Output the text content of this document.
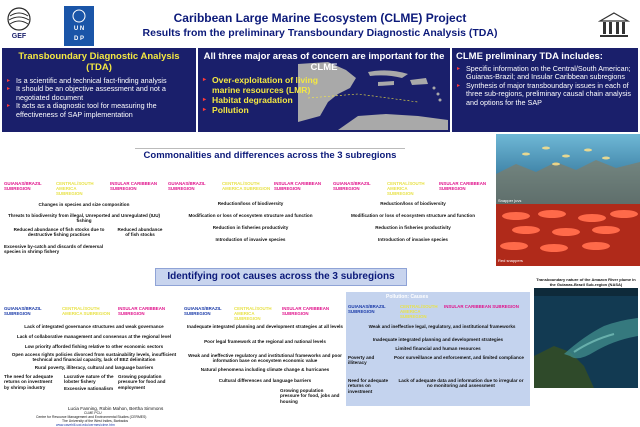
GEF
U N
D P
Caribbean Large Marine Ecosystem (CLME) Project
Results from the preliminary Transboundary Diagnostic Analysis (TDA)
Transboundary Diagnostic Analysis (TDA)
▸ Is a scientific and technical fact-finding analysis
▸ It should be an objective assessment and not a negotiated document
▸ It acts as a diagnostic tool for measuring the effectiveness of SAP implementation
All three major areas of concern are important for the CLME
▸ Over-exploitation of living marine resources (LMR)
▸ Habitat degradation
▸ Pollution
CLME preliminary TDA includes:
▸ Specific information on the Central/South American; Guianas-Brazil; and Insular Caribbean subregions
▸ Synthesis of major transboundary issues in each of three sub-regions, preliminary causal chain analysis and options for the SAP
Commonalities and differences across the 3 subregions
Fisheries
GUIANAS/BRAZIL SUBREGION
CENTRAL/SOUTH AMERICA SUBREGION
INSULAR CARIBBEAN SUBREGION
Changes in species and size composition
Threats to biodiversity from illegal, Unreported and Unregulated (IUU) fishing
Reduced abundance of fish stocks due to destructive fishing practices
Reduced abundance of fish stocks
Excessive by-catch and discards of demersal species in shrimp fishery
Habitat degradation
GUIANAS/BRAZIL SUBREGION
CENTRAL/SOUTH AMERICA SUBREGION
INSULAR CARIBBEAN SUBREGION
Reduction/loss of biodiversity
Modification or loss of ecosystem structure and function
Reduction in fisheries productivity
Introduction of invasive species
Pollution
GUIANAS/BRAZIL SUBREGION
CENTRAL/SOUTH AMERICA SUBREGION
INSULAR CARIBBEAN SUBREGION
Reduction/loss of biodiversity
Modification or loss of ecosystem structure and function
Reduction in fisheries productivity
Introduction of invasive species
Snapper juvs
Red snappers
Identifying root causes across the 3 subregions
GUIANAS/BRAZIL SUBREGION
CENTRAL/SOUTH AMERICA SUBREGION
INSULAR CARIBBEAN SUBREGION
Lack of integrated governance structures and weak governance
Lack of collaborative management and consensus at the regional level
Low priority afforded fishing relative to other economic sectors
Open access rights policies divorced from sustainability levels, insufficient technical and financial capacity, lack of EEZ delimitation
Rural poverty, illiteracy, cultural and language barriers
The need for adequate returns on investment by shrimp industry
Lucrative nature of the lobster fishery
Excessive nationalism
Growing population pressure for food and employment
GUIANAS/BRAZIL SUBREGION
CENTRAL/SOUTH AMERICA SUBREGION
INSULAR CARIBBEAN SUBREGION
Inadequate integrated planning and development strategies at all levels
Poor legal framework at the regional and national levels
Weak and ineffective regulatory and institutional frameworks and poor information base on ecosystem economic value
Natural phenomena including climate change & hurricanes
Cultural differences and language barriers
Growing population pressure for food, jobs and housing
Pollution: Causes
GUIANAS/BRAZIL SUBREGION
CENTRAL/SOUTH AMERICA SUBREGION
INSULAR CARIBBEAN SUBREGION
Weak and ineffective legal, regulatory, and institutional frameworks
Inadequate integrated planning and development strategies
Limited financial and human resources
Poverty and illiteracy
Poor surveillance and enforcement, and limited compliance
Need for adequate returns on investment
Lack of adequate data and information due to irregular or no monitoring and assessment
Transboundary nature of the Amazon River plume in the Guianas-Brazil Sub-region (NASA)
Lucia Fanning, Robin Mahon, Bertha Simmons
CLME PCU
Centre for Resource Management and Environmental Studies (CERMES)
The University of the West Indies, Barbados
www.cavehill.uwi.edu/cermes/clme.htm
